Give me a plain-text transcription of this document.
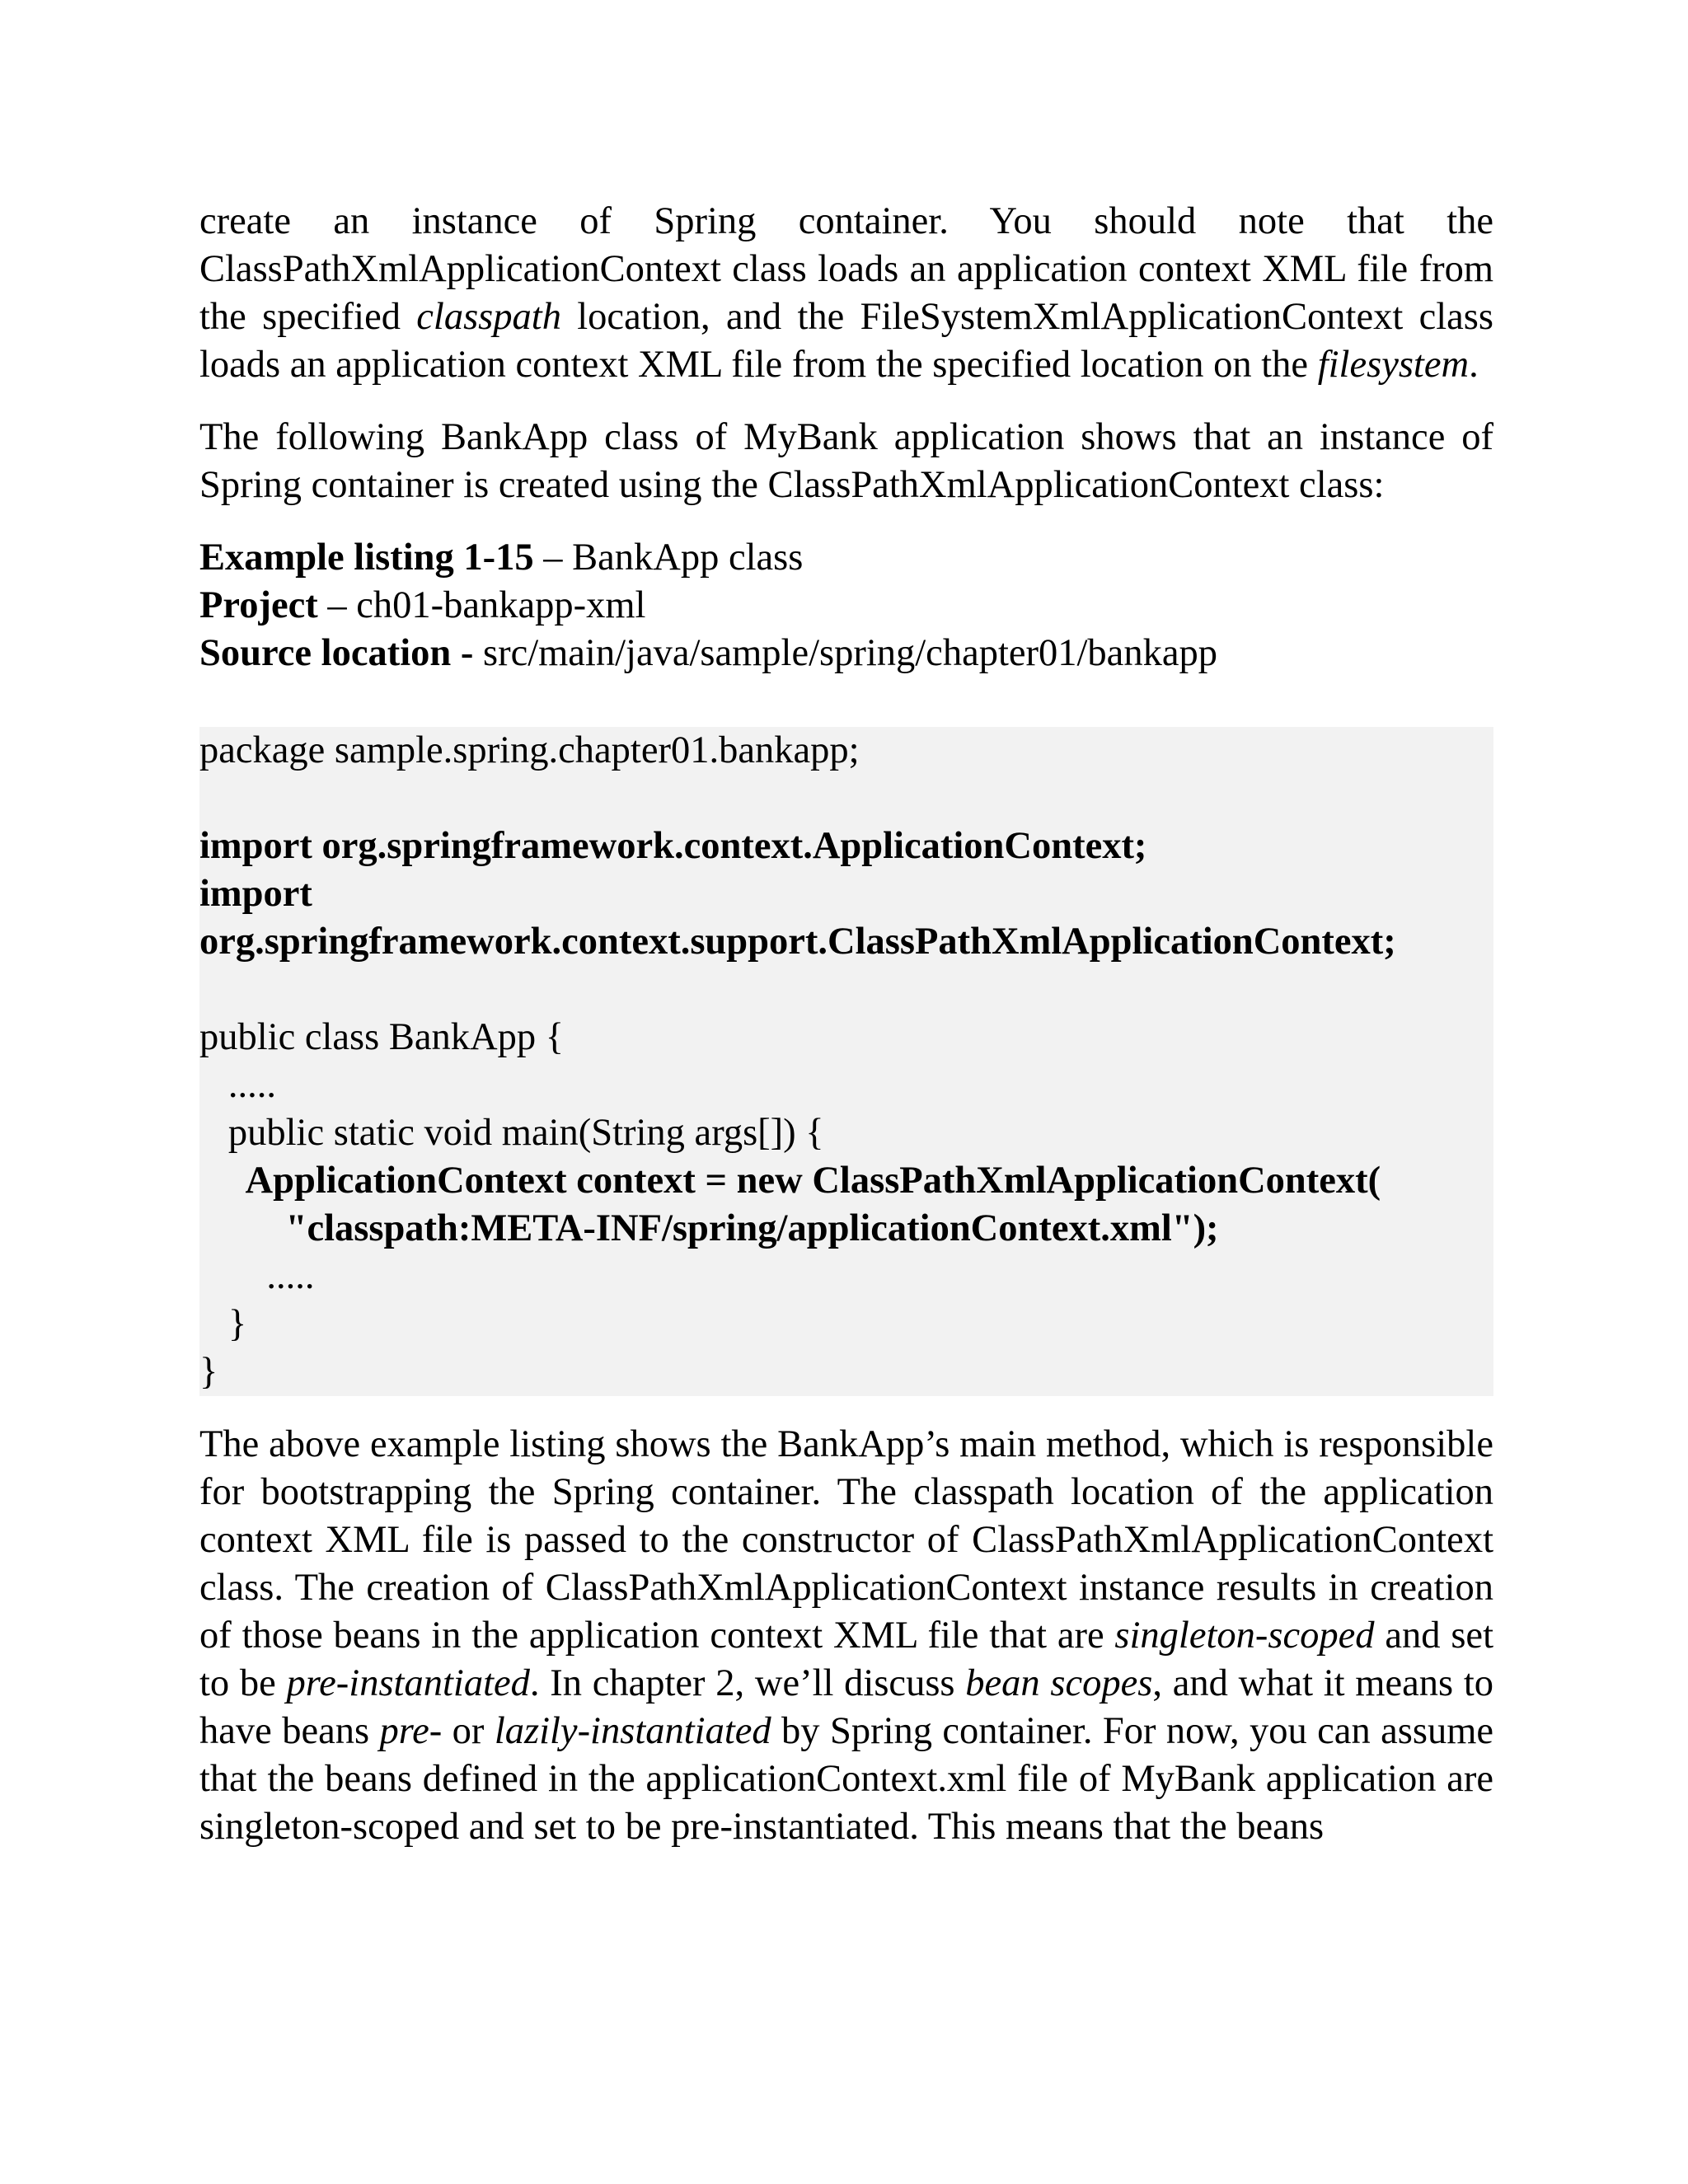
create an instance of Spring container. You should note that the ClassPathXmlApplicationContext class loads an application context XML file from the specified classpath location, and the FileSystemXmlApplicationContext class loads an application context XML file from the specified location on the filesystem.

The following BankApp class of MyBank application shows that an instance of Spring container is created using the ClassPathXmlApplicationContext class:

Example listing 1-15 – BankApp class

Project – ch01-bankapp-xml

Source location - src/main/java/sample/spring/chapter01/bankapp

package sample.spring.chapter01.bankapp;
import org.springframework.context.ApplicationContext;
import org.springframework.context.support.ClassPathXmlApplicationContext;
public class BankApp {
.....
public static void main(String args[]) {
ApplicationContext context = new ClassPathXmlApplicationContext(
"classpath:META-INF/spring/applicationContext.xml");
.....
}
}

The above example listing shows the BankApp’s main method, which is responsible for bootstrapping the Spring container. The classpath location of the application context XML file is passed to the constructor of ClassPathXmlApplicationContext class. The creation of ClassPathXmlApplicationContext instance results in creation of those beans in the application context XML file that are singleton-scoped and set to be pre-instantiated. In chapter 2, we’ll discuss bean scopes, and what it means to have beans pre- or lazily-instantiated by Spring container. For now, you can assume that the beans defined in the applicationContext.xml file of MyBank application are singleton-scoped and set to be pre-instantiated. This means that the beans
